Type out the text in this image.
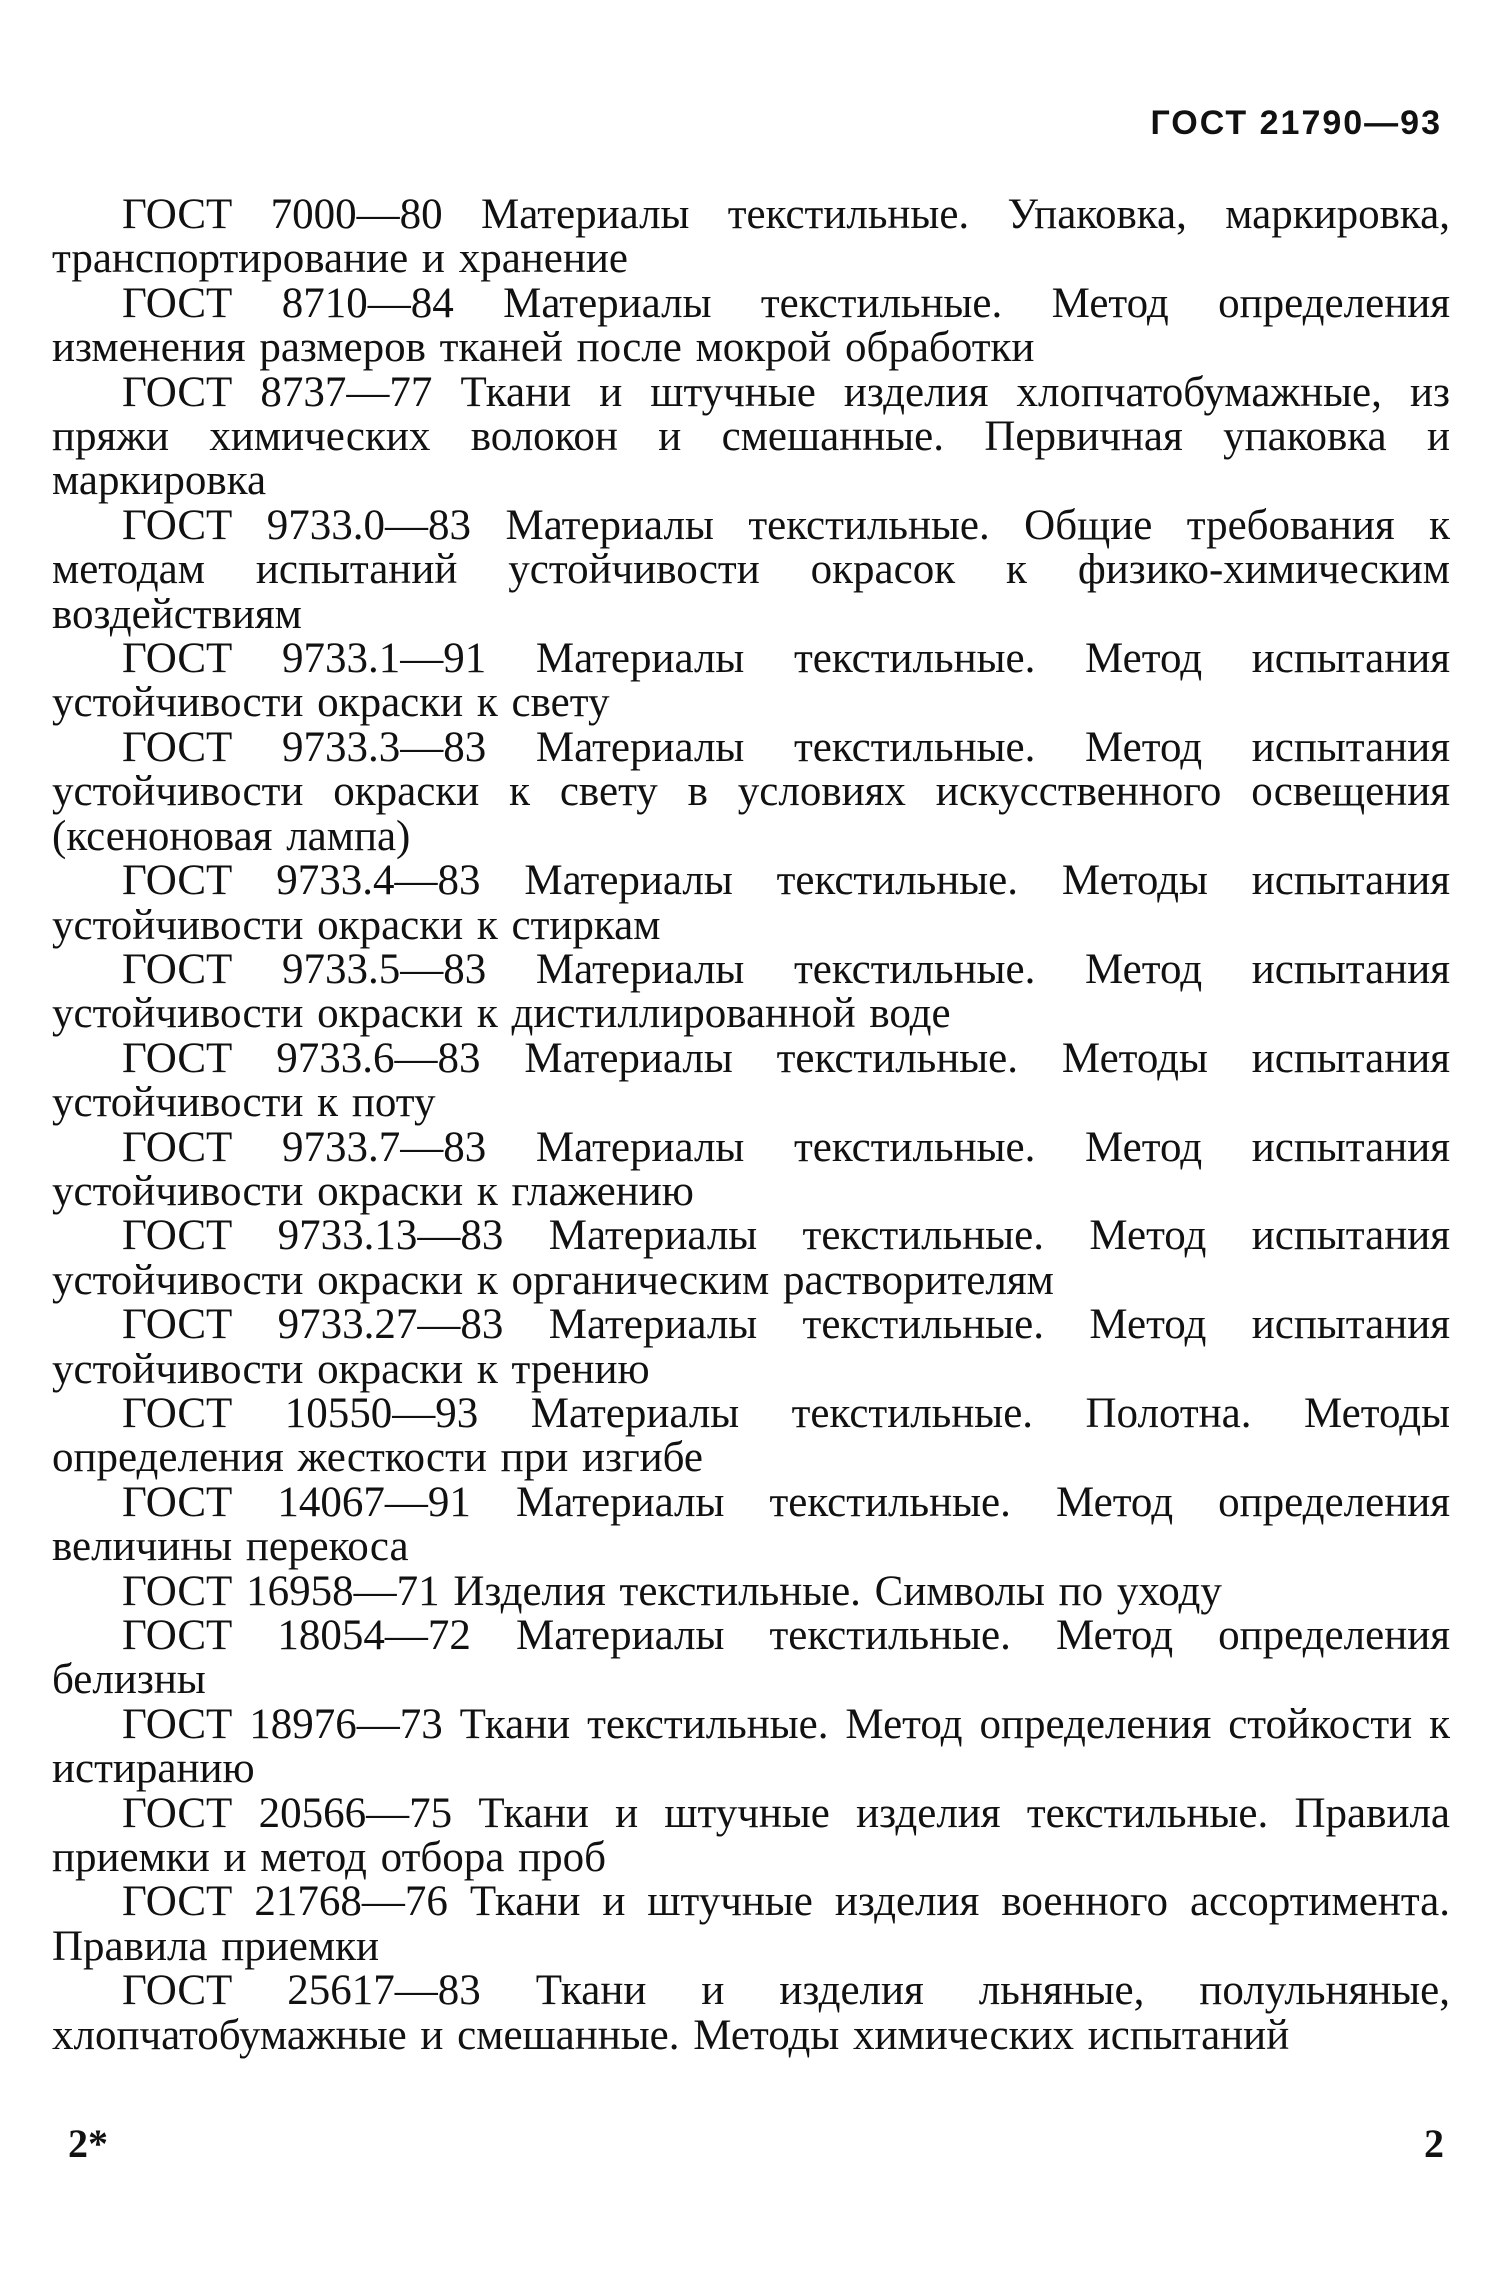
ГОСТ 21790—93

ГОСТ 7000—80 Материалы текстильные. Упаковка, маркировка, транспортирование и хранение

ГОСТ 8710—84 Материалы текстильные. Метод определения изменения размеров тканей после мокрой обработки

ГОСТ 8737—77 Ткани и штучные изделия хлопчатобумажные, из пряжи химических волокон и смешанные. Первичная упаковка и маркировка

ГОСТ 9733.0—83 Материалы текстильные. Общие требования к методам испытаний устойчивости окрасок к физико-химическим воздействиям

ГОСТ 9733.1—91 Материалы текстильные. Метод испытания устойчивости окраски к свету

ГОСТ 9733.3—83 Материалы текстильные. Метод испытания устойчивости окраски к свету в условиях искусственного освещения (ксеноновая лампа)

ГОСТ 9733.4—83 Материалы текстильные. Методы испытания устойчивости окраски к стиркам

ГОСТ 9733.5—83 Материалы текстильные. Метод испытания устойчивости окраски к дистиллированной воде

ГОСТ 9733.6—83 Материалы текстильные. Методы испытания устойчивости к поту

ГОСТ 9733.7—83 Материалы текстильные. Метод испытания устойчивости окраски к глажению

ГОСТ 9733.13—83 Материалы текстильные. Метод испытания устойчивости окраски к органическим растворителям

ГОСТ 9733.27—83 Материалы текстильные. Метод испытания устойчивости окраски к трению

ГОСТ 10550—93 Материалы текстильные. Полотна. Методы определения жесткости при изгибе

ГОСТ 14067—91 Материалы текстильные. Метод определения величины перекоса

ГОСТ 16958—71 Изделия текстильные. Символы по уходу

ГОСТ 18054—72 Материалы текстильные. Метод определения белизны

ГОСТ 18976—73 Ткани текстильные. Метод определения стойкости к истиранию

ГОСТ 20566—75 Ткани и штучные изделия текстильные. Правила приемки и метод отбора проб

ГОСТ 21768—76 Ткани и штучные изделия военного ассортимента. Правила приемки

ГОСТ 25617—83 Ткани и изделия льняные, полульняные, хлопчатобумажные и смешанные. Методы химических испытаний

2*	2
